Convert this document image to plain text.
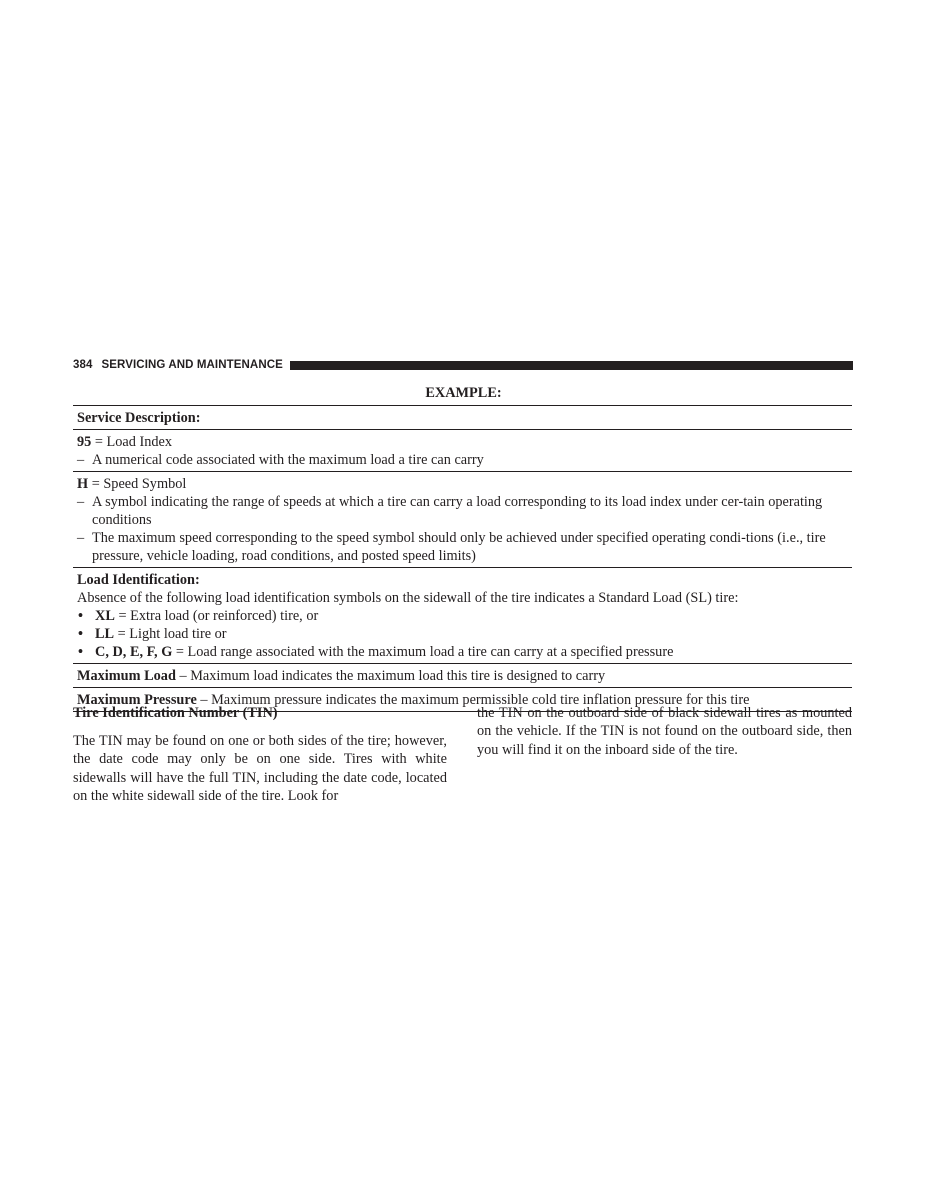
384 SERVICING AND MAINTENANCE
EXAMPLE:
Service Description:
95 = Load Index
– A numerical code associated with the maximum load a tire can carry
H = Speed Symbol
– A symbol indicating the range of speeds at which a tire can carry a load corresponding to its load index under cer-tain operating conditions
– The maximum speed corresponding to the speed symbol should only be achieved under specified operating condi-tions (i.e., tire pressure, vehicle loading, road conditions, and posted speed limits)
Load Identification:
Absence of the following load identification symbols on the sidewall of the tire indicates a Standard Load (SL) tire:
• XL = Extra load (or reinforced) tire, or
• LL = Light load tire or
• C, D, E, F, G = Load range associated with the maximum load a tire can carry at a specified pressure
Maximum Load – Maximum load indicates the maximum load this tire is designed to carry
Maximum Pressure – Maximum pressure indicates the maximum permissible cold tire inflation pressure for this tire
Tire Identification Number (TIN)

The TIN may be found on one or both sides of the tire; however, the date code may only be on one side. Tires with white sidewalls will have the full TIN, including the date code, located on the white sidewall side of the tire. Look for

the TIN on the outboard side of black sidewall tires as mounted on the vehicle. If the TIN is not found on the outboard side, then you will find it on the inboard side of the tire.
